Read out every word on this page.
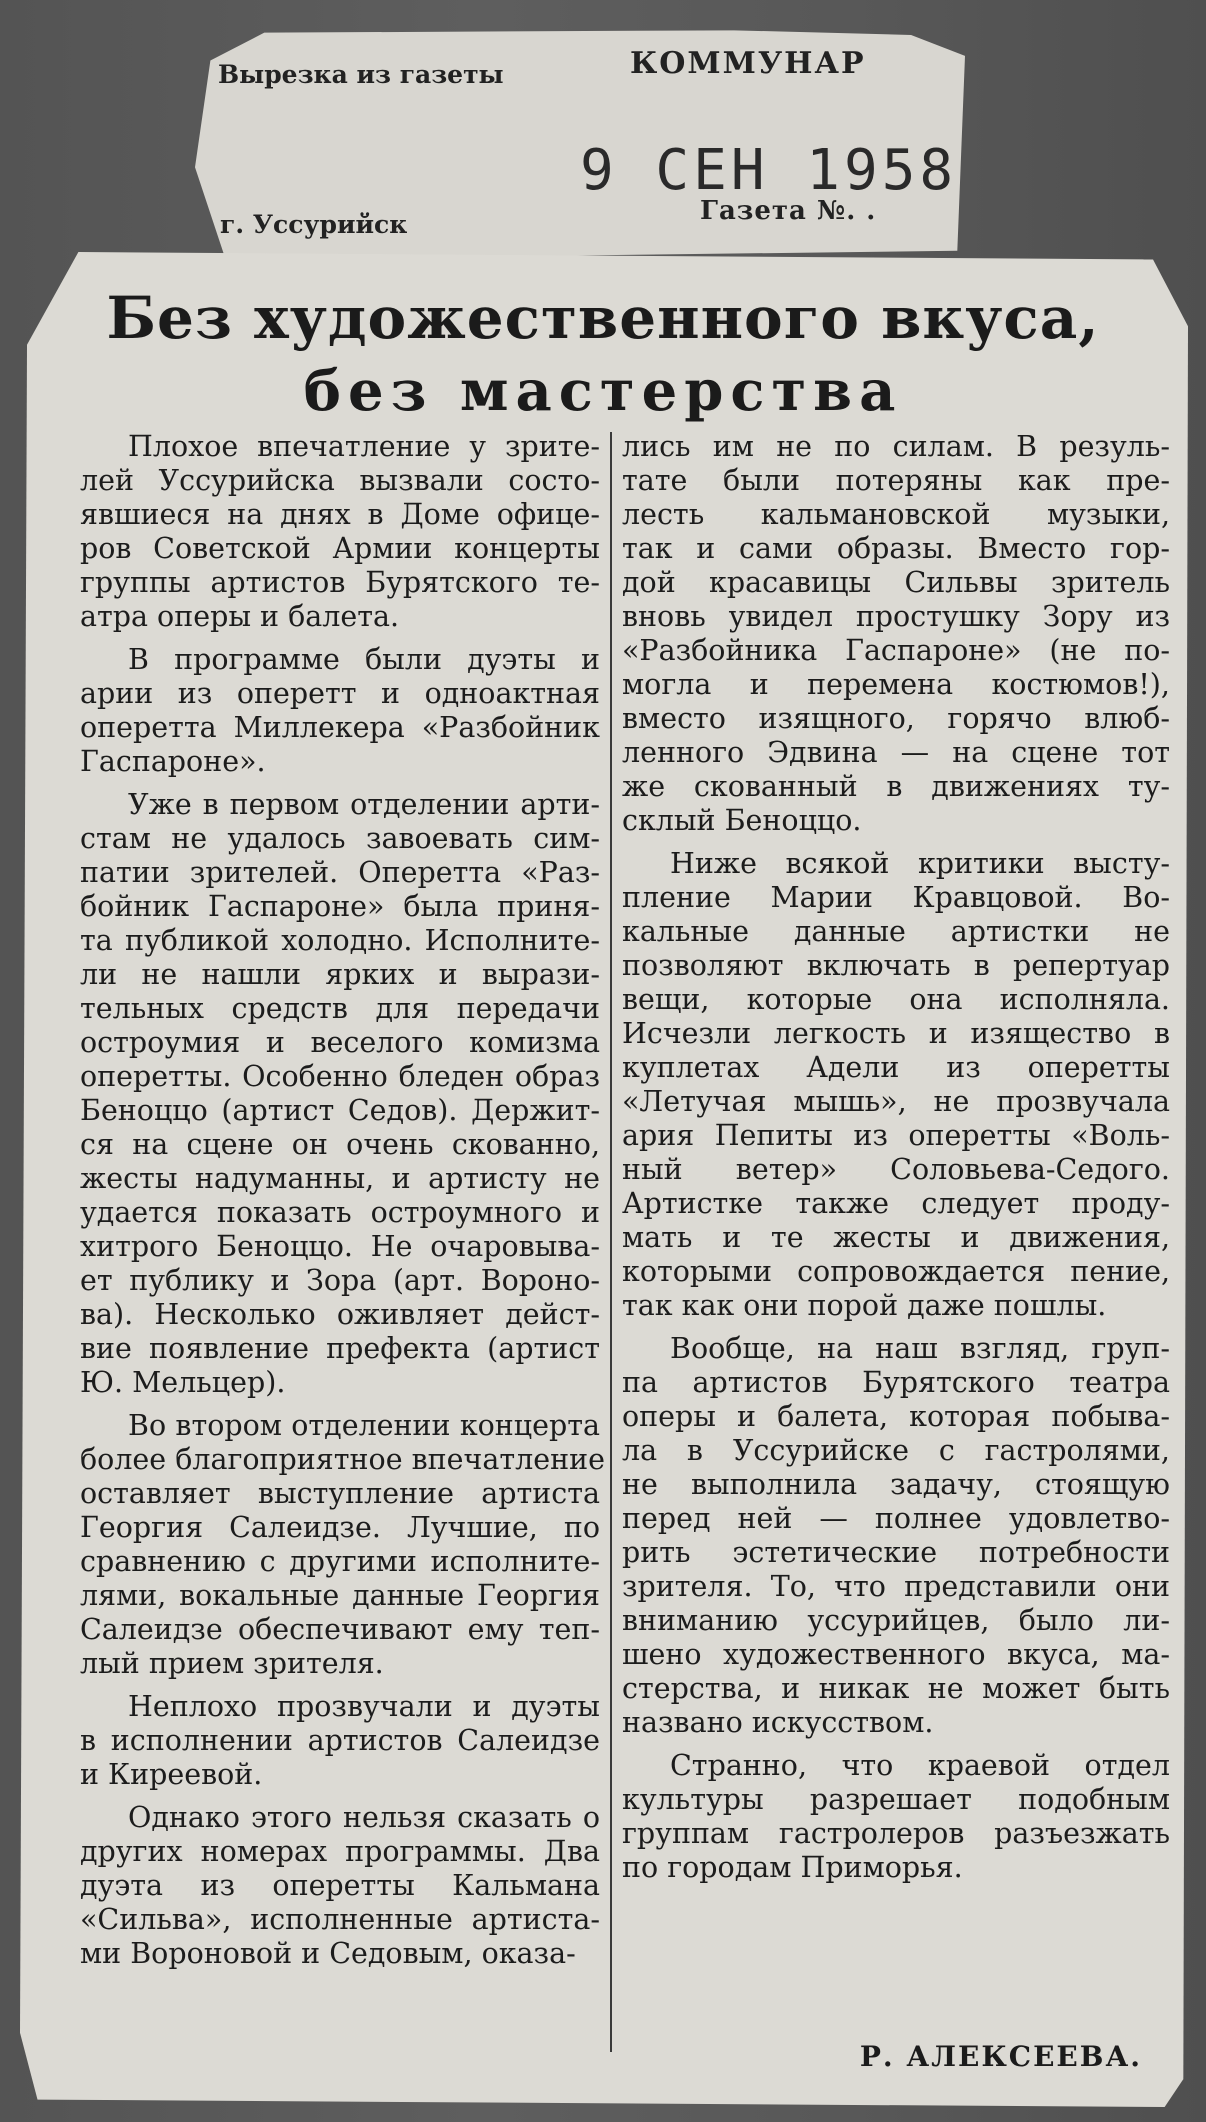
Вырезка из газеты	КОММУНАР
9 СЕН 1958
г. Уссурийск	Газета №. .
Без художественного вкуса,
без мастерства
Плохое впечатление у зрите-
лей Уссурийска вызвали состо-
явшиеся на днях в Доме офице-
ров Советской Армии концерты
группы артистов Бурятского те-
атра оперы и балета.
В программе были дуэты и
арии из оперетт и одноактная
оперетта Миллекера «Разбойник
Гаспароне».
Уже в первом отделении арти-
стам не удалось завоевать сим-
патии зрителей. Оперетта «Раз-
бойник Гаспароне» была приня-
та публикой холодно. Исполните-
ли не нашли ярких и вырази-
тельных средств для передачи
остроумия и веселого комизма
оперетты. Особенно бледен образ
Беноццо (артист Седов). Держит-
ся на сцене он очень скованно,
жесты надуманны, и артисту не
удается показать остроумного и
хитрого Беноццо. Не очаровыва-
ет публику и Зора (арт. Вороно-
ва). Несколько оживляет дейст-
вие появление префекта (артист
Ю. Мельцер).
Во втором отделении концерта
более благоприятное впечатление
оставляет выступление артиста
Георгия Салеидзе. Лучшие, по
сравнению с другими исполните-
лями, вокальные данные Георгия
Салеидзе обеспечивают ему теп-
лый прием зрителя.
Неплохо прозвучали и дуэты
в исполнении артистов Салеидзе
и Киреевой.
Однако этого нельзя сказать о
других номерах программы. Два
дуэта из оперетты Кальмана
«Сильва», исполненные артиста-
ми Вороновой и Седовым, оказа-
лись им не по силам. В резуль-
тате были потеряны как пре-
лесть кальмановской музыки,
так и сами образы. Вместо гор-
дой красавицы Сильвы зритель
вновь увидел простушку Зору из
«Разбойника Гаспароне» (не по-
могла и перемена костюмов!),
вместо изящного, горячо влюб-
ленного Эдвина — на сцене тот
же скованный в движениях ту-
склый Беноццо.
Ниже всякой критики высту-
пление Марии Кравцовой. Во-
кальные данные артистки не
позволяют включать в репертуар
вещи, которые она исполняла.
Исчезли легкость и изящество в
куплетах Адели из оперетты
«Летучая мышь», не прозвучала
ария Пепиты из оперетты «Воль-
ный ветер» Соловьева-Седого.
Артистке также следует проду-
мать и те жесты и движения,
которыми сопровождается пение,
так как они порой даже пошлы.
Вообще, на наш взгляд, груп-
па артистов Бурятского театра
оперы и балета, которая побыва-
ла в Уссурийске с гастролями,
не выполнила задачу, стоящую
перед ней — полнее удовлетво-
рить эстетические потребности
зрителя. То, что представили они
вниманию уссурийцев, было ли-
шено художественного вкуса, ма-
стерства, и никак не может быть
названо искусством.
Странно, что краевой отдел
культуры разрешает подобным
группам гастролеров разъезжать
по городам Приморья.
Р. АЛЕКСЕЕВА.
